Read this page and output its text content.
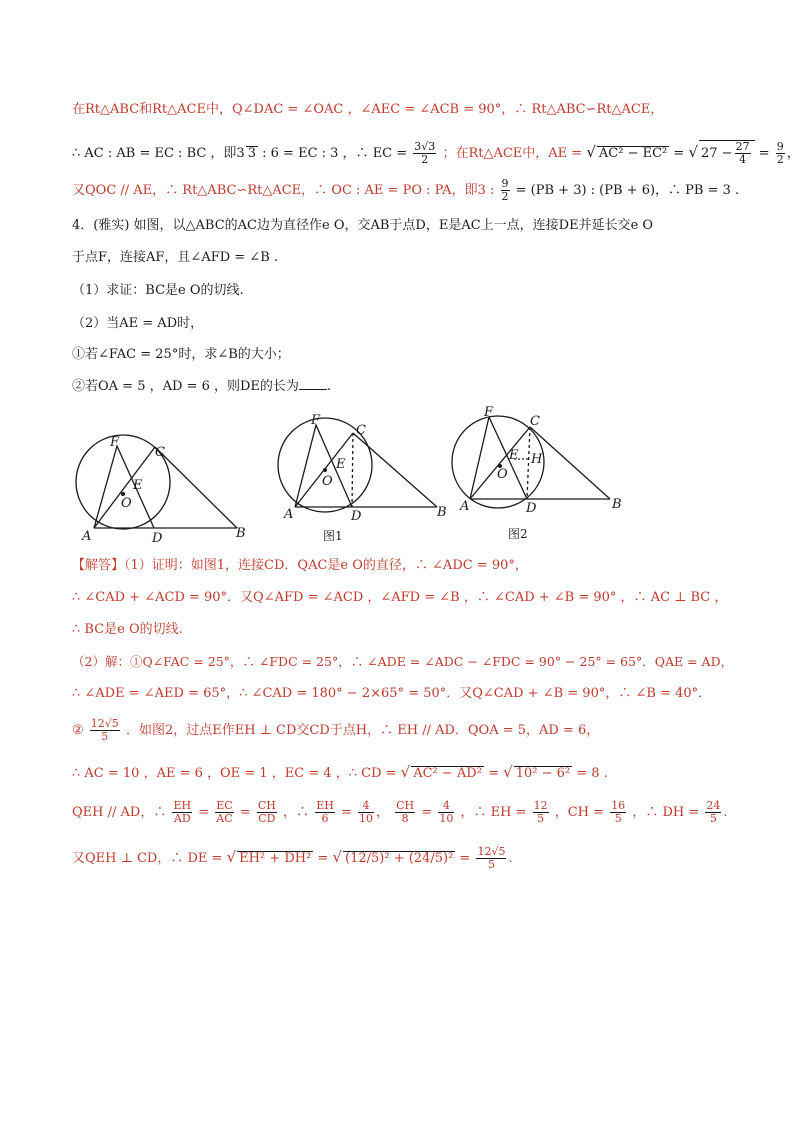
在Rt△ABC和Rt△ACE中，Q∠DAC = ∠OAC ，∠AEC = ∠ACB = 90°，∴ Rt△ABC∽Rt△ACE，
∴ AC : AB = EC : BC ，即3 3 : 6 = EC : 3 ，∴ EC = $\frac{3√3}{2}$ ；在Rt△ACE中，AE = √ AC² − EC² = √ $27 - \frac{27}{4} = \frac{9}{2}$ ，
又QOC // AE，∴ Rt△ABC∽Rt△ACE，∴ OC : AE = PO : PA，即3 : $\frac{9}{2} = (PB + 3)$ : (PB + 6)，∴ PB = 3 .
4．(雅实) 如图，以△ABC的AC边为直径作e O，交AB于点D，E是AC上一点，连接DE并延长交e O
于点F，连接AF，且∠AFD = ∠B .
（1）求证：BC是e O的切线.
（2）当AE = AD时，
①若∠FAC = 25°时，求∠B的大小；
②若OA = 5 ，AD = 6 ，则DE的长为 .
F
C
E
O
A	D	B
F
C
E
O
A	D	B
图1
F
C
E H
O
A	D	B
图2
【解答】（1）证明：如图1，连接CD．QAC是e O的直径，∴ ∠ADC = 90°，
∴ ∠CAD + ∠ACD = 90°．又Q∠AFD = ∠ACD ，∠AFD = ∠B ，∴ ∠CAD + ∠B = 90° ，∴ AC ⊥ BC ，
∴ BC是e O的切线.
（2）解：①Q∠FAC = 25°，∴ ∠FDC = 25°，∴ ∠ADE = ∠ADC − ∠FDC = 90° − 25° = 65°．QAE = AD，
∴ ∠ADE = ∠AED = 65°，∴ ∠CAD = 180° − 2×65° = 50°．又Q∠CAD + ∠B = 90°，∴ ∠B = 40°．
② $\frac{12√5}{5}$ ．如图2，过点E作EH ⊥ CD交CD于点H，∴ EH // AD．QOA = 5，AD = 6，
∴ AC = 10 ，AE = 6 ，OE = 1 ，EC = 4 ，∴ CD = √ AC² − AD² = √ 10² − 6² = 8 .
QEH // AD，∴ $\frac{EH}{AD} = \frac{EC}{AC} = \frac{CH}{CD}$ ，∴ $\frac{EH}{6} = \frac{4}{10}$ ， $\frac{CH}{8} = \frac{4}{10}$ ，∴ EH = $\frac{12}{5}$ ，CH = $\frac{16}{5}$ ，∴ DH = $\frac{24}{5}$ .
又QEH ⊥ CD，∴ DE = √ EH² + DH² = √ $(12/5)^2 + (24/5)^2 = \frac{12√5}{5}$ .
